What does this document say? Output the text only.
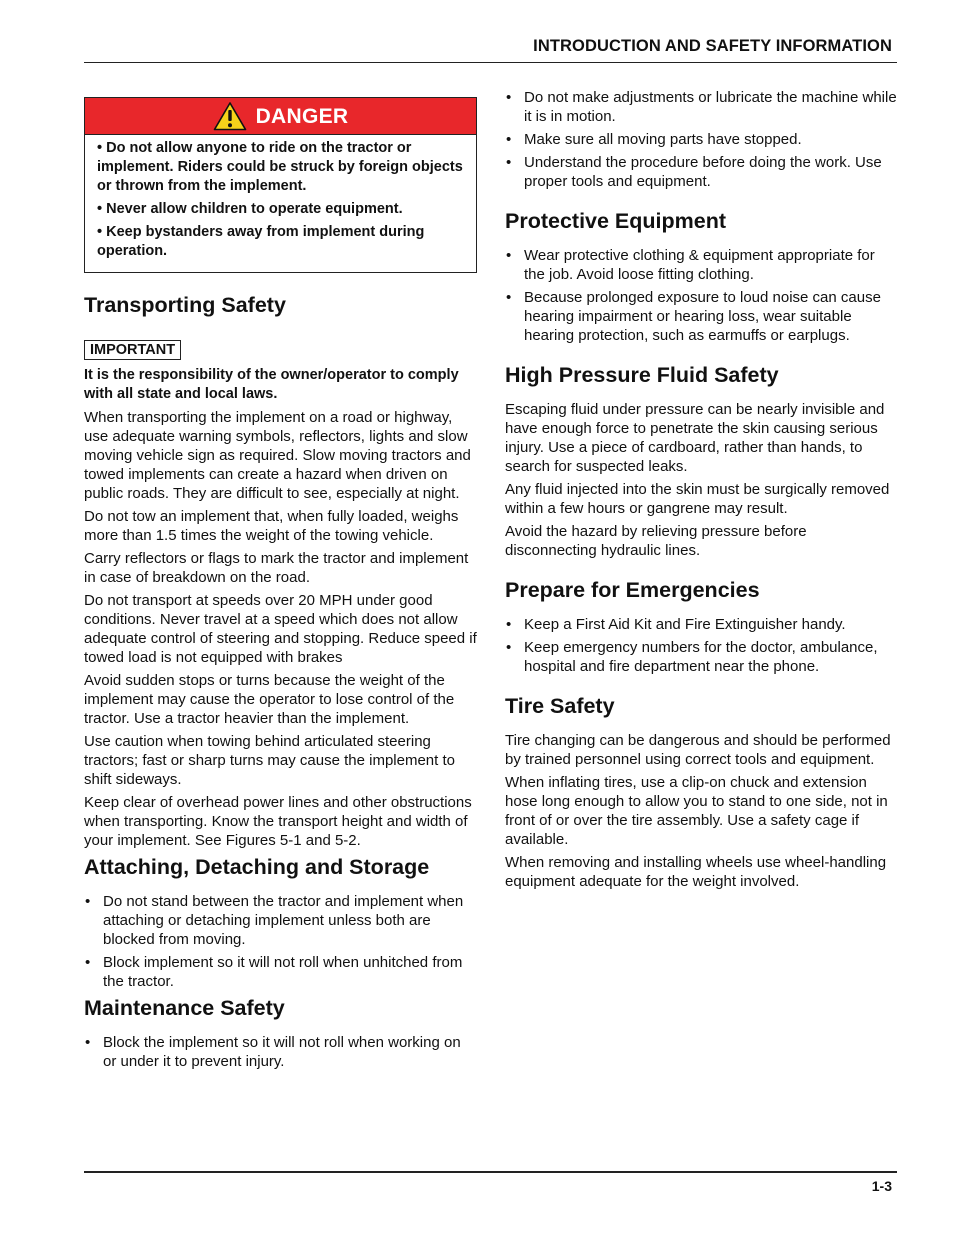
INTRODUCTION AND SAFETY INFORMATION
DANGER

• Do not allow anyone to ride on the tractor or implement. Riders could be struck by foreign objects or thrown from the implement.

• Never allow children to operate equipment.

• Keep bystanders away from implement during operation.

Transporting Safety
IMPORTANT

It is the responsibility of the owner/operator to comply with all state and local laws.

When transporting the implement on a road or highway, use adequate warning symbols, reflectors, lights and slow moving vehicle sign as required. Slow moving tractors and towed implements can create a hazard when driven on public roads. They are difficult to see, especially at night.

Do not tow an implement that, when fully loaded, weighs more than 1.5 times the weight of the towing vehicle.

Carry reflectors or flags to mark the tractor and implement in case of breakdown on the road.

Do not transport at speeds over 20 MPH under good conditions. Never travel at a speed which does not allow adequate control of steering and stopping. Reduce speed if towed load is not equipped with brakes

Avoid sudden stops or turns because the weight of the implement may cause the operator to lose control of the tractor. Use a tractor heavier than the implement.

Use caution when towing behind articulated steering tractors; fast or sharp turns may cause the implement to shift sideways.

Keep clear of overhead power lines and other obstructions when transporting. Know the transport height and width of your implement. See Figures 5-1 and 5-2.

Attaching, Detaching and Storage
• Do not stand between the tractor and implement when attaching or detaching implement unless both are blocked from moving.
• Block implement so it will not roll when unhitched from the tractor.
Maintenance Safety
• Block the implement so it will not roll when working on or under it to prevent injury.
• Do not make adjustments or lubricate the machine while it is in motion.
• Make sure all moving parts have stopped.
• Understand the procedure before doing the work. Use proper tools and equipment.
Protective Equipment
• Wear protective clothing & equipment appropriate for the job. Avoid loose fitting clothing.
• Because prolonged exposure to loud noise can cause hearing impairment or hearing loss, wear suitable hearing protection, such as earmuffs or earplugs.
High Pressure Fluid Safety

Escaping fluid under pressure can be nearly invisible and have enough force to penetrate the skin causing serious injury. Use a piece of cardboard, rather than hands, to search for suspected leaks.

Any fluid injected into the skin must be surgically removed within a few hours or gangrene may result.

Avoid the hazard by relieving pressure before disconnecting hydraulic lines.

Prepare for Emergencies
• Keep a First Aid Kit and Fire Extinguisher handy.
• Keep emergency numbers for the doctor, ambulance, hospital and fire department near the phone.
Tire Safety

Tire changing can be dangerous and should be performed by trained personnel using correct tools and equipment.

When inflating tires, use a clip-on chuck and extension hose long enough to allow you to stand to one side, not in front of or over the tire assembly. Use a safety cage if available.

When removing and installing wheels use wheel-handling equipment adequate for the weight involved.

1-3
